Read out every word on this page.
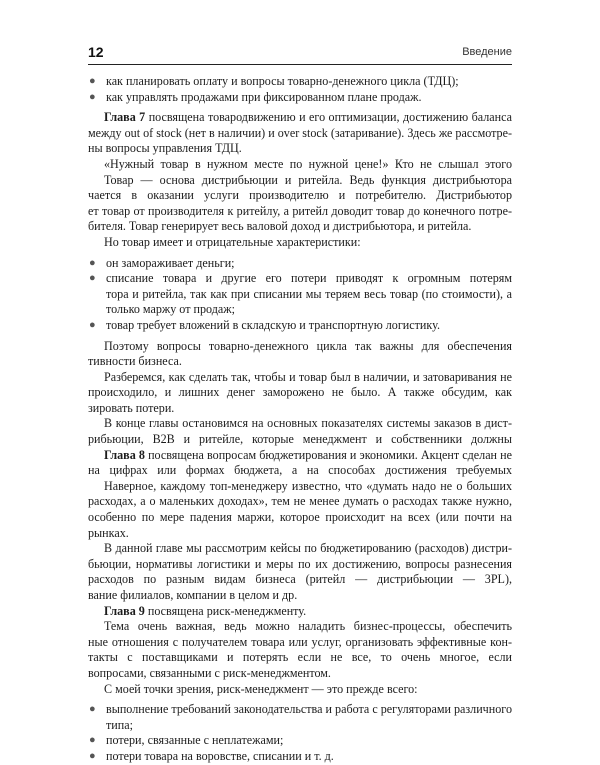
12	Введение
● как планировать оплату и вопросы товарно-денежного цикла (ТДЦ);
● как управлять продажами при фиксированном плане продаж.
Глава 7 посвящена товародвижению и его оптимизации, достижению баланса
между out of stock (нет в наличии) и over stock (затаривание). Здесь же рассмотре-
ны вопросы управления ТДЦ.
«Нужный товар в нужном месте по нужной цене!» Кто не слышал этого
Товар — основа дистрибьюции и ритейла. Ведь функция дистрибьютора
чается в оказании услуги производителю и потребителю. Дистрибьютор
ет товар от производителя к ритейлу, а ритейл доводит товар до конечного потре-
бителя. Товар генерирует весь валовой доход и дистрибьютора, и ритейла.
Но товар имеет и отрицательные характеристики:
● он замораживает деньги;
● списание товара и другие его потери приводят к огромным потерям
тора и ритейла, так как при списании мы теряем весь товар (по стоимости), а
только маржу от продаж;
● товар требует вложений в складскую и транспортную логистику.
Поэтому вопросы товарно-денежного цикла так важны для обеспечения
тивности бизнеса.
Разберемся, как сделать так, чтобы и товар был в наличии, и затоваривания не
происходило, и лишних денег заморожено не было. А также обсудим, как
зировать потери.
В конце главы остановимся на основных показателях системы заказов в дист-
рибьюции, B2B и ритейле, которые менеджмент и собственники должны
Глава 8 посвящена вопросам бюджетирования и экономики. Акцент сделан не
на цифрах или формах бюджета, а на способах достижения требуемых
Наверное, каждому топ-менеджеру известно, что «думать надо не о больших
расходах, а о маленьких доходах», тем не менее думать о расходах также нужно,
особенно по мере падения маржи, которое происходит на всех (или почти на
рынках.
В данной главе мы рассмотрим кейсы по бюджетированию (расходов) дистри-
бьюции, нормативы логистики и меры по их достижению, вопросы разнесения
расходов по разным видам бизнеса (ритейл — дистрибьюции — 3PL),
вание филиалов, компании в целом и др.
Глава 9 посвящена риск-менеджменту.
Тема очень важная, ведь можно наладить бизнес-процессы, обеспечить
ные отношения с получателем товара или услуг, организовать эффективные кон-
такты с поставщиками и потерять если не все, то очень многое, если
вопросами, связанными с риск-менеджментом.
С моей точки зрения, риск-менеджмент — это прежде всего:
● выполнение требований законодательства и работа с регуляторами различного
типа;
● потери, связанные с неплатежами;
● потери товара на воровстве, списании и т. д.
